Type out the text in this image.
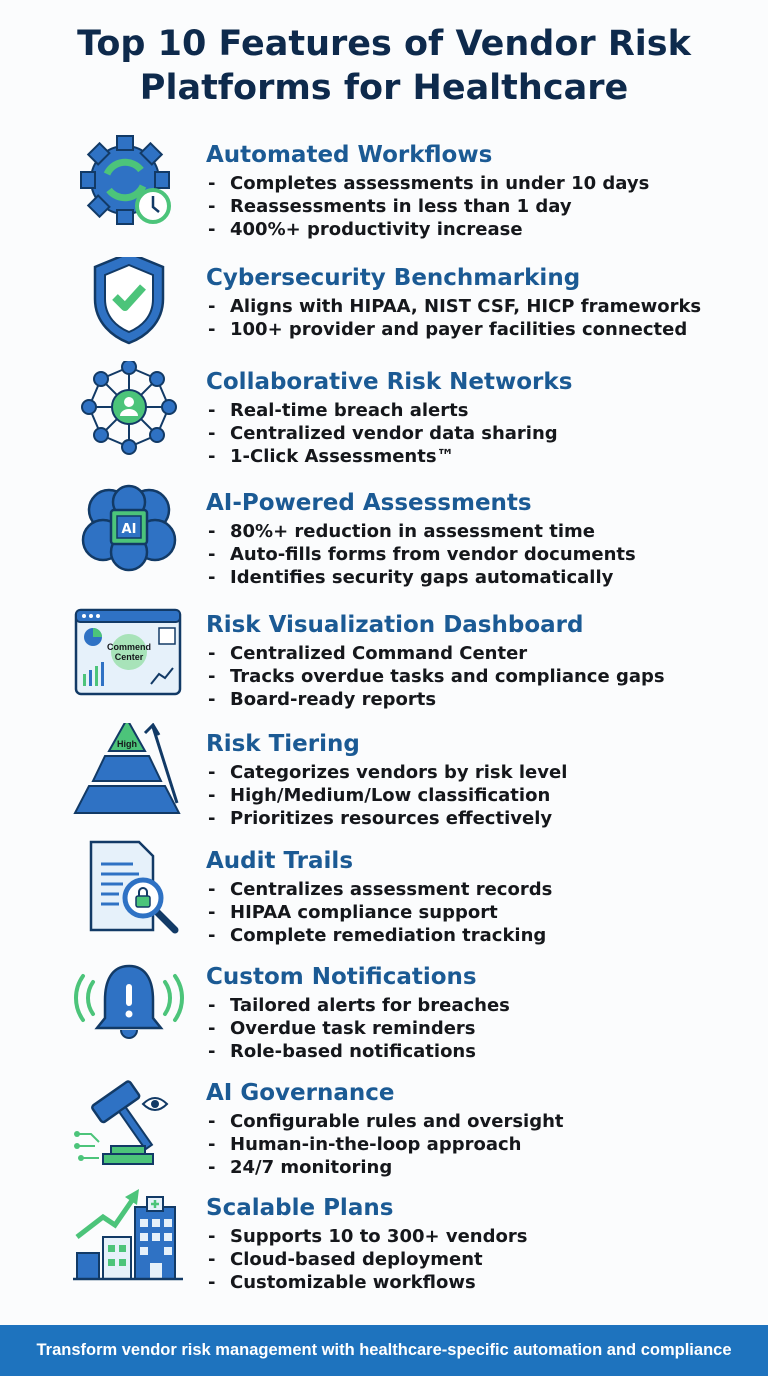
Top 10 Features of Vendor Risk
Platforms for Healthcare
Automated Workflows
- Completes assessments in under 10 days
- Reassessments in less than 1 day
- 400%+ productivity increase
Cybersecurity Benchmarking
- Aligns with HIPAA, NIST CSF, HICP frameworks
- 100+ provider and payer facilities connected
Collaborative Risk Networks
- Real-time breach alerts
- Centralized vendor data sharing
- 1-Click Assessments™
AI
AI-Powered Assessments
- 80%+ reduction in assessment time
- Auto-fills forms from vendor documents
- Identifies security gaps automatically
Commend Center
Risk Visualization Dashboard
- Centralized Command Center
- Tracks overdue tasks and compliance gaps
- Board-ready reports
High	Risk Tiering
- Categorizes vendors by risk level
- High/Medium/Low classification
- Prioritizes resources effectively
Audit Trails
- Centralizes assessment records
- HIPAA compliance support
- Complete remediation tracking
Custom Notifications
- Tailored alerts for breaches
- Overdue task reminders
- Role-based notifications
AI Governance
- Configurable rules and oversight
- Human-in-the-loop approach
- 24/7 monitoring
Scalable Plans
- Supports 10 to 300+ vendors
- Cloud-based deployment
- Customizable workflows
Transform vendor risk management with healthcare-specific automation and compliance
